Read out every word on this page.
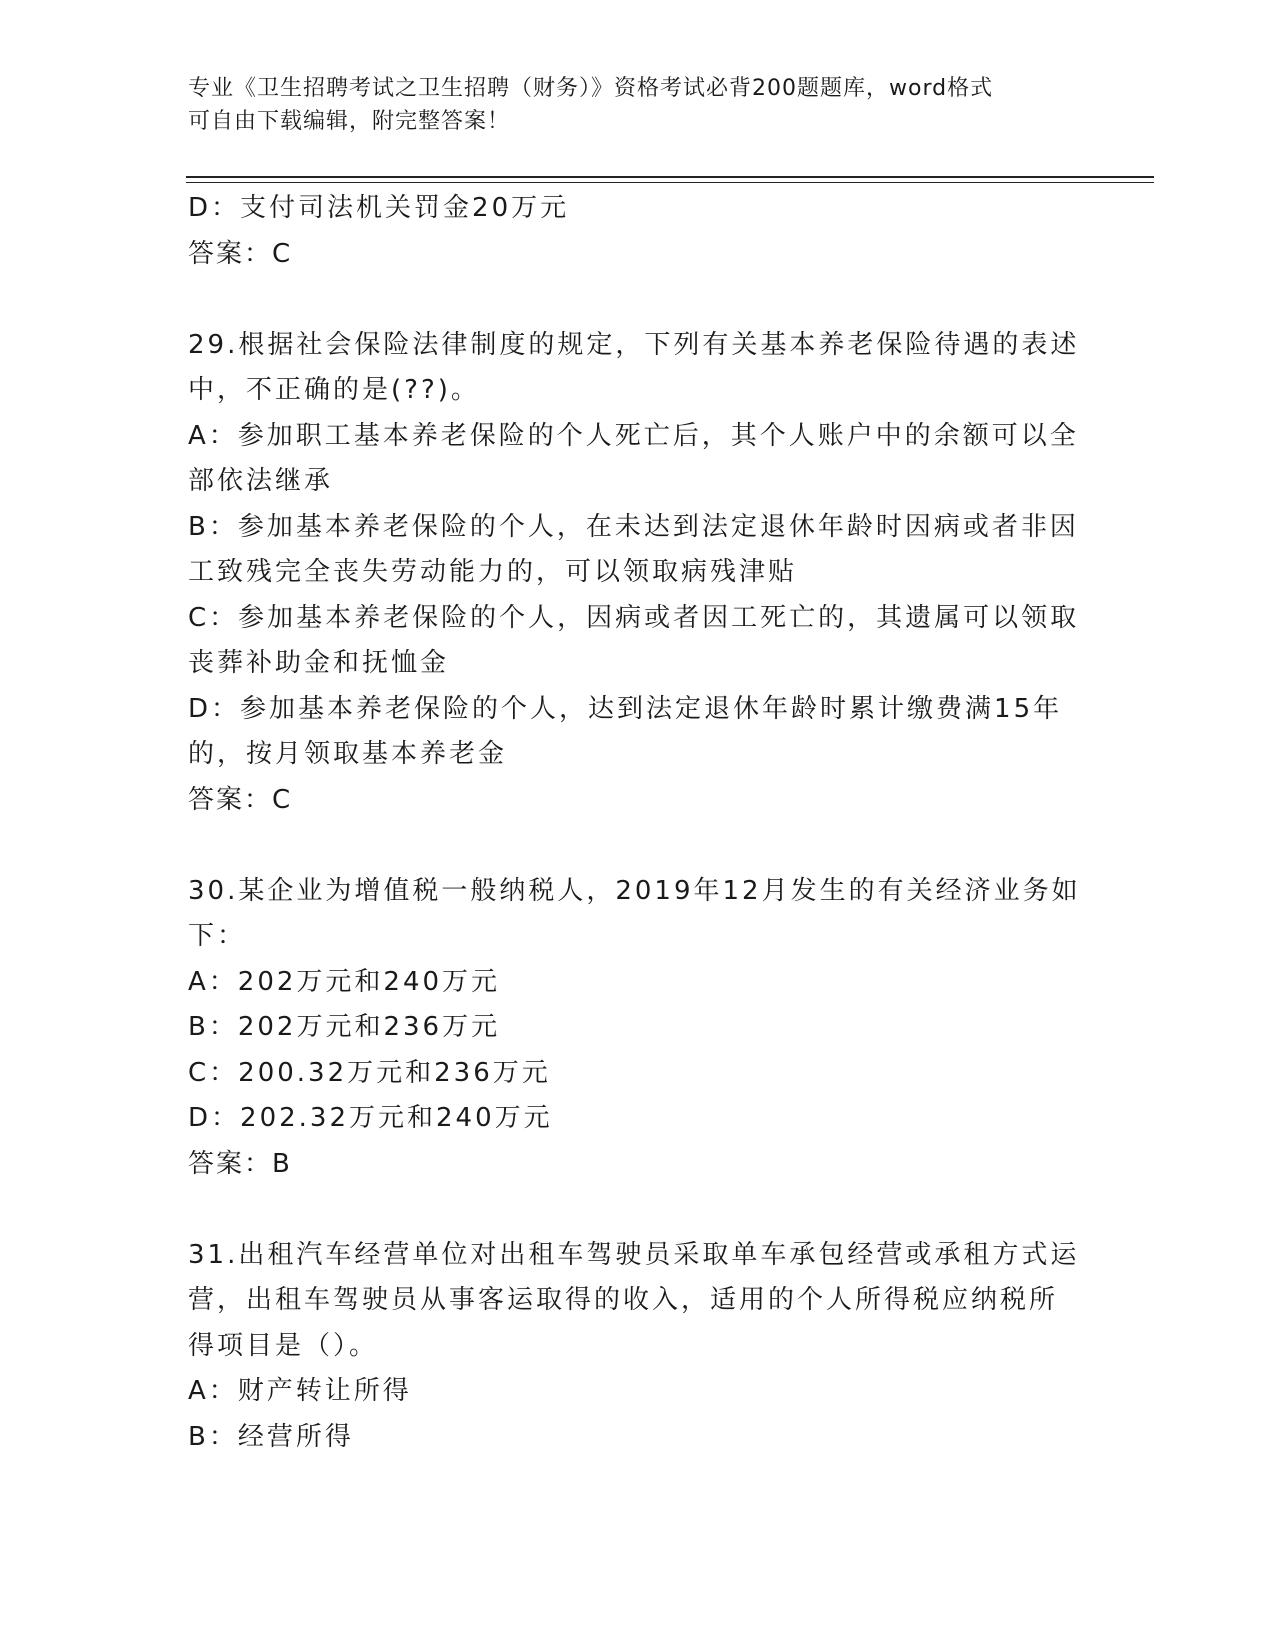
专业《卫生招聘考试之卫生招聘（财务）》资格考试必背200题题库，word格式
可自由下载编辑，附完整答案！
D：支付司法机关罚金20万元
答案：C
29.根据社会保险法律制度的规定，下列有关基本养老保险待遇的表述
中，不正确的是(??)。
A：参加职工基本养老保险的个人死亡后，其个人账户中的余额可以全
部依法继承
B：参加基本养老保险的个人，在未达到法定退休年龄时因病或者非因
工致残完全丧失劳动能力的，可以领取病残津贴
C：参加基本养老保险的个人，因病或者因工死亡的，其遗属可以领取
丧葬补助金和抚恤金
D：参加基本养老保险的个人，达到法定退休年龄时累计缴费满15年
的，按月领取基本养老金
答案：C
30.某企业为增值税一般纳税人，2019年12月发生的有关经济业务如
下：
A：202万元和240万元
B：202万元和236万元
C：200.32万元和236万元
D：202.32万元和240万元
答案：B
31.出租汽车经营单位对出租车驾驶员采取单车承包经营或承租方式运
营，出租车驾驶员从事客运取得的收入，适用的个人所得税应纳税所
得项目是（）。
A：财产转让所得
B：经营所得
